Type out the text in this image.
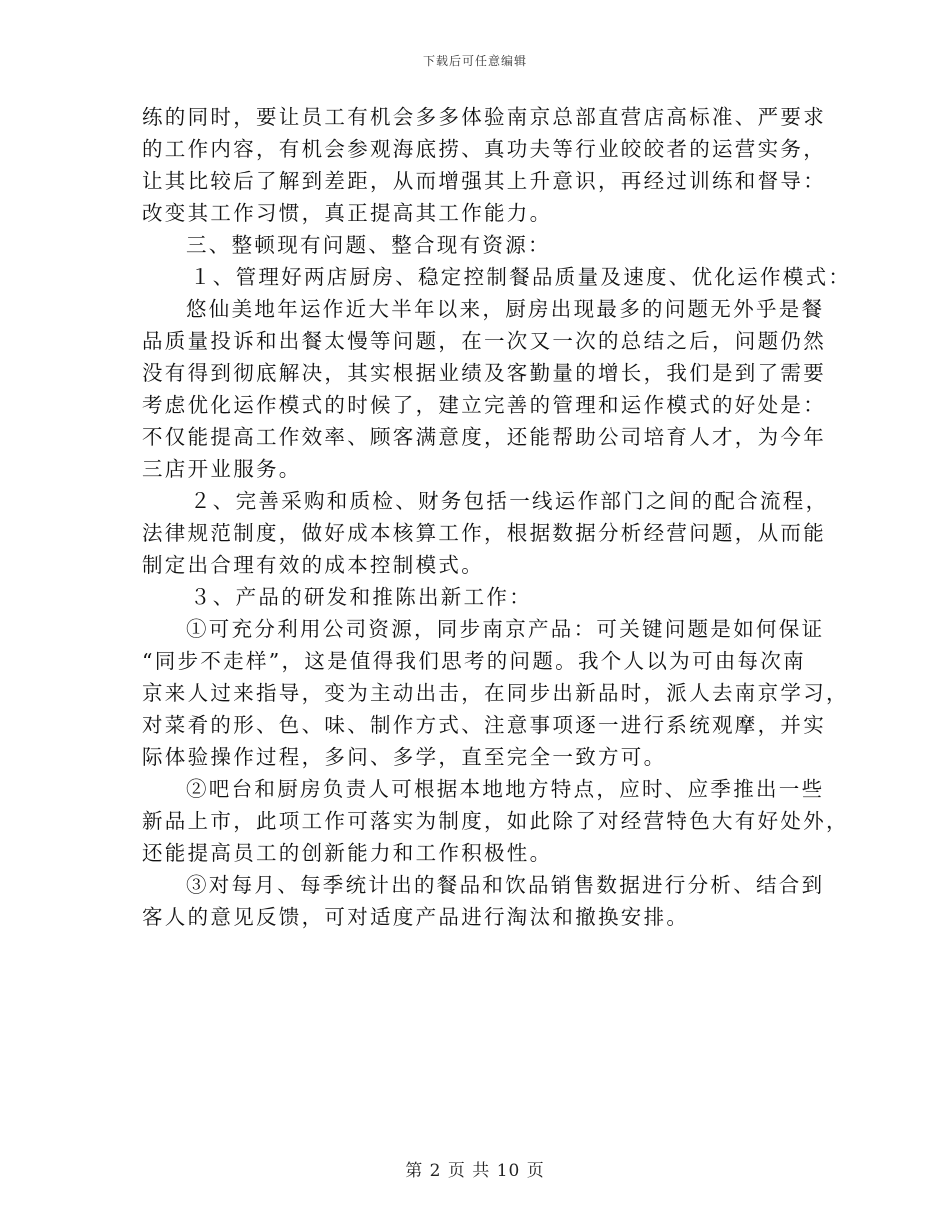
下载后可任意编辑
练的同时，要让员工有机会多多体验南京总部直营店高标准、严要求
的工作内容，有机会参观海底捞、真功夫等行业皎皎者的运营实务，
让其比较后了解到差距，从而增强其上升意识，再经过训练和督导：
改变其工作习惯，真正提高其工作能力。
三、整顿现有问题、整合现有资源：
１、管理好两店厨房、稳定控制餐品质量及速度、优化运作模式：
悠仙美地年运作近大半年以来，厨房出现最多的问题无外乎是餐
品质量投诉和出餐太慢等问题，在一次又一次的总结之后，问题仍然
没有得到彻底解决，其实根据业绩及客勤量的增长，我们是到了需要
考虑优化运作模式的时候了，建立完善的管理和运作模式的好处是：
不仅能提高工作效率、顾客满意度，还能帮助公司培育人才，为今年
三店开业服务。
２、完善采购和质检、财务包括一线运作部门之间的配合流程，
法律规范制度，做好成本核算工作，根据数据分析经营问题，从而能
制定出合理有效的成本控制模式。
３、产品的研发和推陈出新工作：
①可充分利用公司资源，同步南京产品：可关键问题是如何保证
“同步不走样”，这是值得我们思考的问题。我个人以为可由每次南
京来人过来指导，变为主动出击，在同步出新品时，派人去南京学习，
对菜肴的形、色、味、制作方式、注意事项逐一进行系统观摩，并实
际体验操作过程，多问、多学，直至完全一致方可。
②吧台和厨房负责人可根据本地地方特点，应时、应季推出一些
新品上市，此项工作可落实为制度，如此除了对经营特色大有好处外，
还能提高员工的创新能力和工作积极性。
③对每月、每季统计出的餐品和饮品销售数据进行分析、结合到
客人的意见反馈，可对适度产品进行淘汰和撤换安排。
第 2 页 共 10 页
